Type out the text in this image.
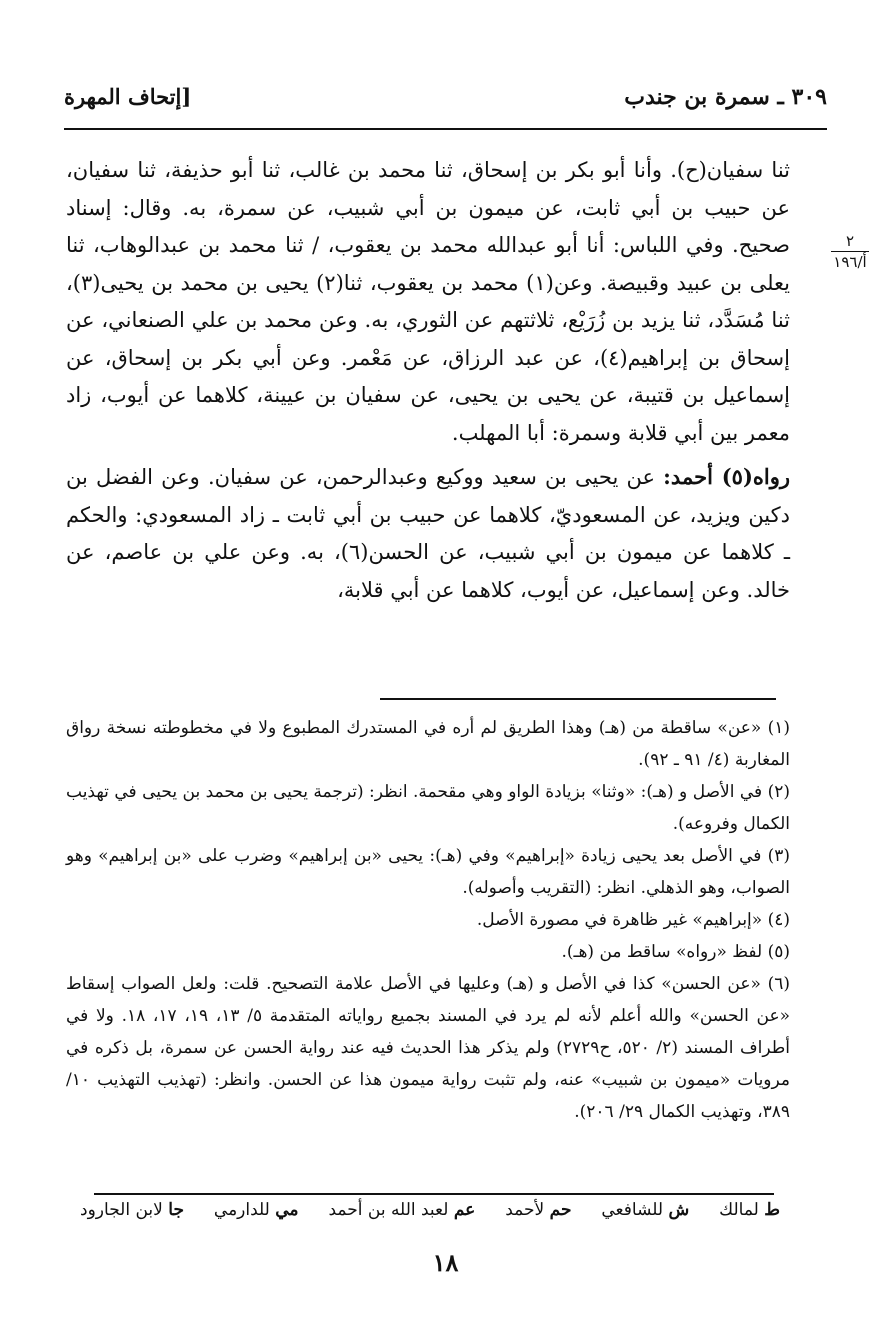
٣٠٩ ـ سمرة بن جندب
[إتحاف المهرة
٢
أ/١٩٦

ثنا سفيان(ح). وأنا أبو بكر بن إسحاق، ثنا محمد بن غالب، ثنا أبو حذيفة، ثنا سفيان، عن حبيب بن أبي ثابت، عن ميمون بن أبي شبيب، عن سمرة، به. وقال: إسناد صحيح. وفي اللباس: أنا أبو عبدالله محمد بن يعقوب، / ثنا محمد بن عبدالوهاب، ثنا يعلى بن عبيد وقبيصة. وعن(١) محمد بن يعقوب، ثنا(٢) يحيى بن محمد بن يحيى(٣)، ثنا مُسَدَّد، ثنا يزيد بن زُرَيْع، ثلاثتهم عن الثوري، به. وعن محمد بن علي الصنعاني، عن إسحاق بن إبراهيم(٤)، عن عبد الرزاق، عن مَعْمر. وعن أبي بكر بن إسحاق، عن إسماعيل بن قتيبة، عن يحيى بن يحيى، عن سفيان بن عيينة، كلاهما عن أيوب، زاد معمر بين أبي قلابة وسمرة: أبا المهلب.

رواه(٥) أحمد: عن يحيى بن سعيد ووكيع وعبدالرحمن، عن سفيان. وعن الفضل بن دكين ويزيد، عن المسعوديّ، كلاهما عن حبيب بن أبي ثابت ـ زاد المسعودي: والحكم ـ كلاهما عن ميمون بن أبي شبيب، عن الحسن(٦)، به. وعن علي بن عاصم، عن خالد. وعن إسماعيل، عن أيوب، كلاهما عن أبي قلابة،

(١) «عن» ساقطة من (هـ) وهذا الطريق لم أره في المستدرك المطبوع ولا في مخطوطته نسخة رواق المغاربة (٤/ ٩١ ـ ٩٢).

(٢) في الأصل و (هـ): «وثنا» بزيادة الواو وهي مقحمة. انظر: (ترجمة يحيى بن محمد بن يحيى في تهذيب الكمال وفروعه).

(٣) في الأصل بعد يحيى زيادة «إبراهيم» وفي (هـ): يحيى «بن إبراهيم» وضرب على «بن إبراهيم» وهو الصواب، وهو الذهلي. انظر: (التقريب وأصوله).

(٤) «إبراهيم» غير ظاهرة في مصورة الأصل.

(٥) لفظ «رواه» ساقط من (هـ).

(٦) «عن الحسن» كذا في الأصل و (هـ) وعليها في الأصل علامة التصحيح. قلت: ولعل الصواب إسقاط «عن الحسن» والله أعلم لأنه لم يرد في المسند بجميع رواياته المتقدمة ٥/ ١٣، ١٩، ١٧، ١٨. ولا في أطراف المسند (٢/ ٥٢٠، ح٢٧٢٩) ولم يذكر هذا الحديث فيه عند رواية الحسن عن سمرة، بل ذكره في مرويات «ميمون بن شبيب» عنه، ولم تثبت رواية ميمون هذا عن الحسن. وانظر: (تهذيب التهذيب ١٠/ ٣٨٩، وتهذيب الكمال ٢٩/ ٢٠٦).

ط لمالك
ش للشافعي
حم لأحمد
عم لعبد الله بن أحمد
مي للدارمي
جا لابن الجارود
١٨
